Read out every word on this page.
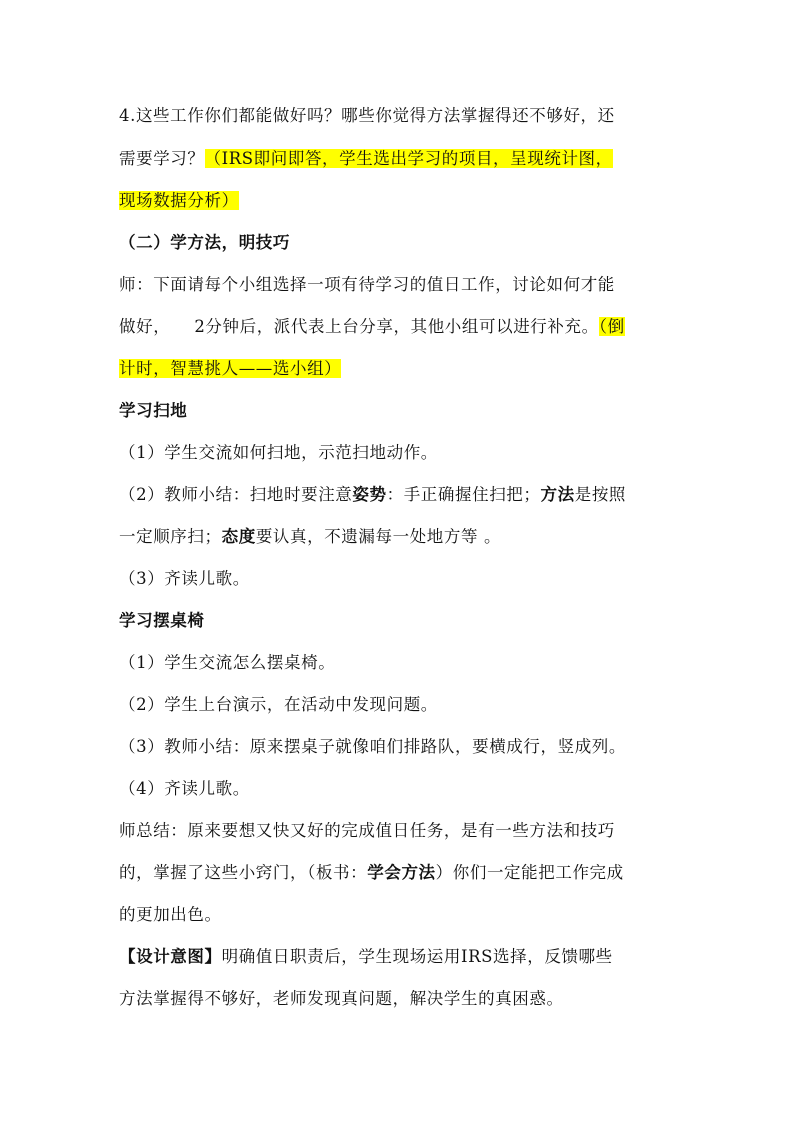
4.这些工作你们都能做好吗？哪些你觉得方法掌握得还不够好，还
需要学习？（IRS即问即答，学生选出学习的项目，呈现统计图，
现场数据分析）
（二）学方法，明技巧
师：下面请每个小组选择一项有待学习的值日工作，讨论如何才能
做好， 2分钟后，派代表上台分享，其他小组可以进行补充。（倒
计时，智慧挑人——选小组）
学习扫地
（1）学生交流如何扫地，示范扫地动作。
（2）教师小结：扫地时要注意姿势：手正确握住扫把；方法是按照
一定顺序扫；态度要认真，不遗漏每一处地方等 。
（3）齐读儿歌。
学习摆桌椅
（1）学生交流怎么摆桌椅。
（2）学生上台演示，在活动中发现问题。
（3）教师小结：原来摆桌子就像咱们排路队，要横成行，竖成列。
（4）齐读儿歌。
师总结：原来要想又快又好的完成值日任务，是有一些方法和技巧
的，掌握了这些小窍门，（板书：学会方法）你们一定能把工作完成
的更加出色。
【设计意图】明确值日职责后，学生现场运用IRS选择，反馈哪些
方法掌握得不够好，老师发现真问题，解决学生的真困惑。
